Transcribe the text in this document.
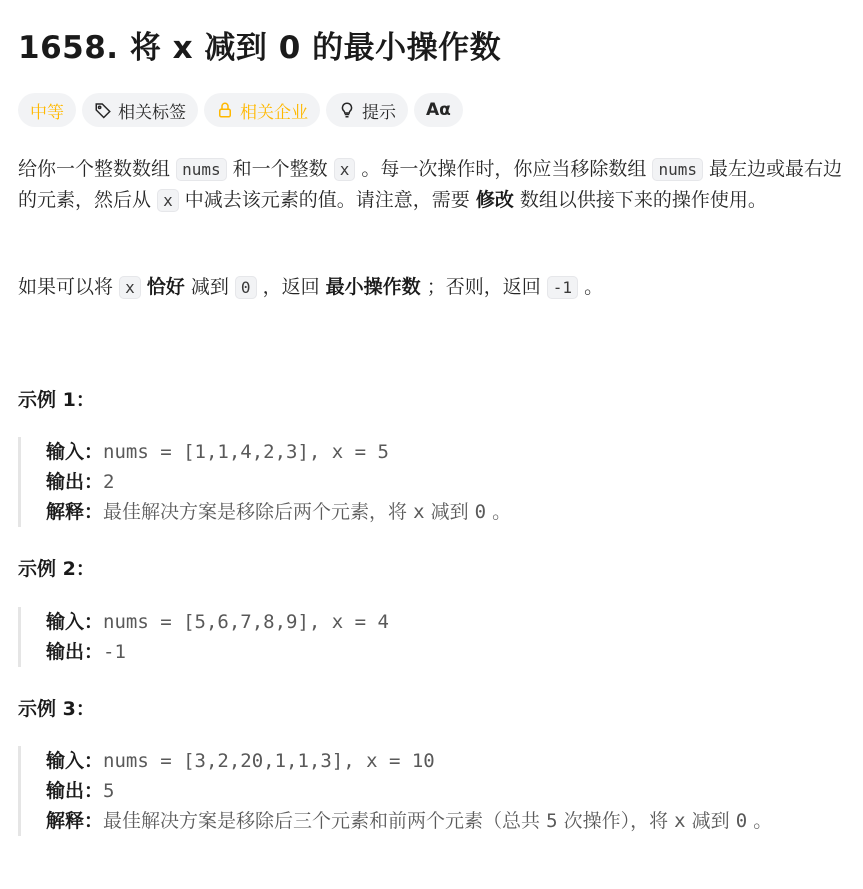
1658. 将 x 减到 0 的最小操作数
中等	相关标签	相关企业	提示 Aα

给你一个整数数组 nums 和一个整数 x 。每一次操作时，你应当移除数组 nums 最左边或最右边的元素，然后从 x 中减去该元素的值。请注意，需要 修改 数组以供接下来的操作使用。

如果可以将 x 恰好 减到 0 ，返回 最小操作数 ；否则，返回 -1 。

示例 1：
输入：nums = [1,1,4,2,3], x = 5
输出：2
解释：最佳解决方案是移除后两个元素，将 x 减到 0 。
示例 2：
输入：nums = [5,6,7,8,9], x = 4
输出：-1
示例 3：
输入：nums = [3,2,20,1,1,3], x = 10
输出：5
解释：最佳解决方案是移除后三个元素和前两个元素（总共 5 次操作），将 x 减到 0 。
